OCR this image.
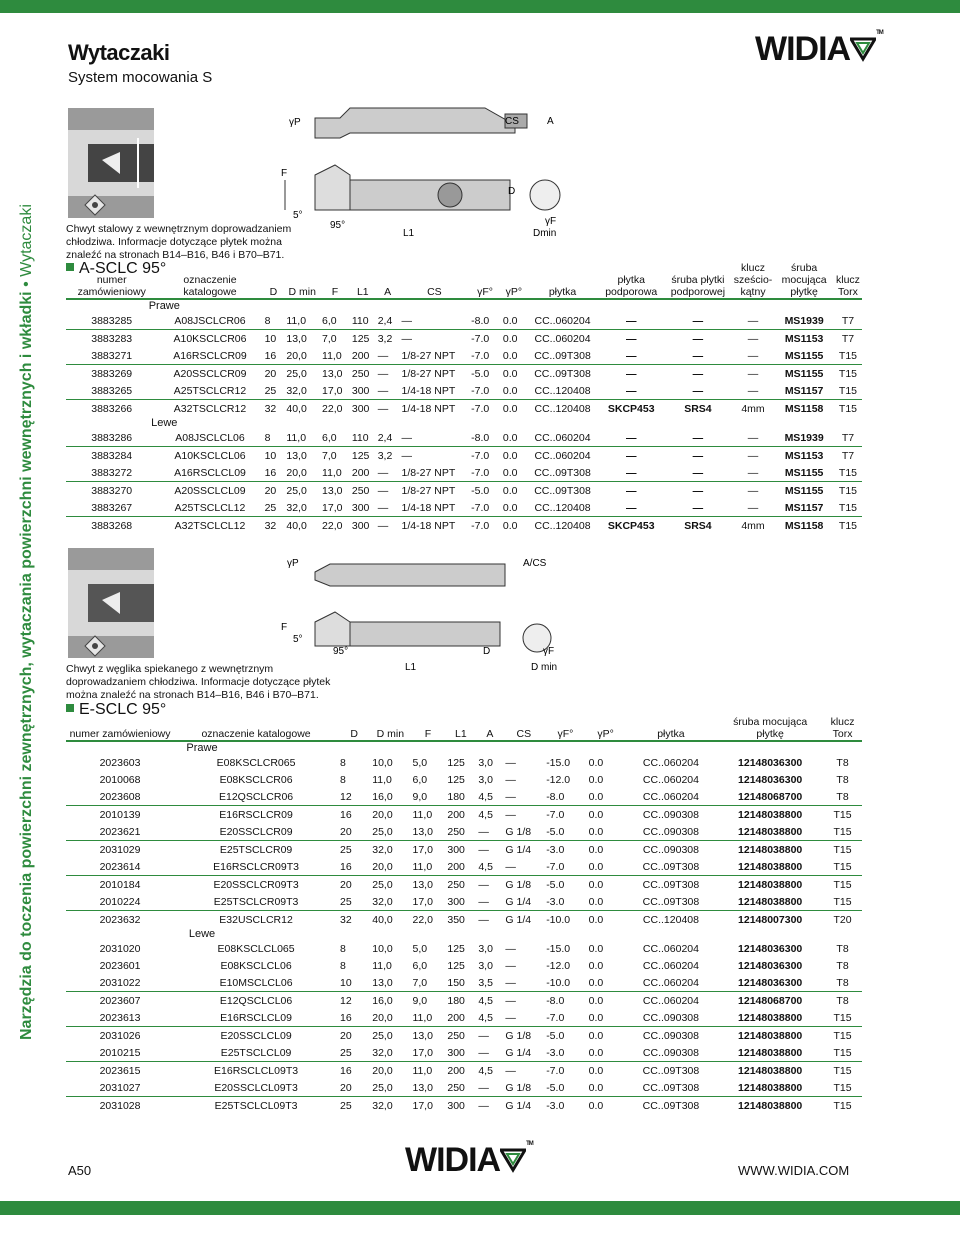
Wytaczaki
System mocowania S
WIDIA	™
Narzędzia do toczenia powierzchni zewnętrznych, wytaczania powierzchni wewnętrznych i wkładki • Wytaczaki
F
5°
95°
L1
D
γF
Dmin
γP	CS	A
Chwyt stalowy z wewnętrznym doprowadzaniem
chłodziwa. Informacje dotyczące płytek można
znaleźć na stronach B14–B16, B46 i B70–B71.
A-SCLC 95°
numer zamówieniowy	oznaczenie katalogowe	D	D min	F	L1	A	CS	γF°	γP°	płytka	płytka podporowa	śruba płytki podporowej	klucz sześcio- kątny	śruba mocująca płytkę	klucz Torx
Prawe															
3883285	A08JSCLCR06	8	11,0	6,0	110	2,4	—	-8.0	0.0	CC..060204	—	—	—	MS1939	T7
3883283	A10KSCLCR06	10	13,0	7,0	125	3,2	—	-7.0	0.0	CC..060204	—	—	—	MS1153	T7
3883271	A16RSCLCR09	16	20,0	11,0	200	—	1/8-27 NPT	-7.0	0.0	CC..09T308	—	—	—	MS1155	T15
3883269	A20SSCLCR09	20	25,0	13,0	250	—	1/8-27 NPT	-5.0	0.0	CC..09T308	—	—	—	MS1155	T15
3883265	A25TSCLCR12	25	32,0	17,0	300	—	1/4-18 NPT	-7.0	0.0	CC..120408	—	—	—	MS1157	T15
3883266	A32TSCLCR12	32	40,0	22,0	300	—	1/4-18 NPT	-7.0	0.0	CC..120408	SKCP453	SRS4	4mm	MS1158	T15
Lewe															
3883286	A08JSCLCL06	8	11,0	6,0	110	2,4	—	-8.0	0.0	CC..060204	—	—	—	MS1939	T7
3883284	A10KSCLCL06	10	13,0	7,0	125	3,2	—	-7.0	0.0	CC..060204	—	—	—	MS1153	T7
3883272	A16RSCLCL09	16	20,0	11,0	200	—	1/8-27 NPT	-7.0	0.0	CC..09T308	—	—	—	MS1155	T15
3883270	A20SSCLCL09	20	25,0	13,0	250	—	1/8-27 NPT	-5.0	0.0	CC..09T308	—	—	—	MS1155	T15
3883267	A25TSCLCL12	25	32,0	17,0	300	—	1/4-18 NPT	-7.0	0.0	CC..120408	—	—	—	MS1157	T15
3883268	A32TSCLCL12	32	40,0	22,0	300	—	1/4-18 NPT	-7.0	0.0	CC..120408	SKCP453	SRS4	4mm	MS1158	T15
γP	A/CS
F
5°
95°
L1
D	γF
D min
Chwyt z węglika spiekanego z wewnętrznym
doprowadzaniem chłodziwa. Informacje dotyczące płytek
można znaleźć na stronach B14–B16, B46 i B70–B71.
E-SCLC 95°
numer zamówieniowy	oznaczenie katalogowe	D	D min	F	L1	A	CS	γF°	γP°	płytka	śruba mocująca płytkę	klucz Torx
Prawe												
2023603	E08KSCLCR065	8	10,0	5,0	125	3,0	—	-15.0	0.0	CC..060204	12148036300	T8
2010068	E08KSCLCR06	8	11,0	6,0	125	3,0	—	-12.0	0.0	CC..060204	12148036300	T8
2023608	E12QSCLCR06	12	16,0	9,0	180	4,5	—	-8.0	0.0	CC..060204	12148068700	T8
2010139	E16RSCLCR09	16	20,0	11,0	200	4,5	—	-7.0	0.0	CC..090308	12148038800	T15
2023621	E20SSCLCR09	20	25,0	13,0	250	—	G 1/8	-5.0	0.0	CC..090308	12148038800	T15
2031029	E25TSCLCR09	25	32,0	17,0	300	—	G 1/4	-3.0	0.0	CC..090308	12148038800	T15
2023614	E16RSCLCR09T3	16	20,0	11,0	200	4,5	—	-7.0	0.0	CC..09T308	12148038800	T15
2010184	E20SSCLCR09T3	20	25,0	13,0	250	—	G 1/8	-5.0	0.0	CC..09T308	12148038800	T15
2010224	E25TSCLCR09T3	25	32,0	17,0	300	—	G 1/4	-3.0	0.0	CC..09T308	12148038800	T15
2023632	E32USCLCR12	32	40,0	22,0	350	—	G 1/4	-10.0	0.0	CC..120408	12148007300	T20
Lewe												
2031020	E08KSCLCL065	8	10,0	5,0	125	3,0	—	-15.0	0.0	CC..060204	12148036300	T8
2023601	E08KSCLCL06	8	11,0	6,0	125	3,0	—	-12.0	0.0	CC..060204	12148036300	T8
2031022	E10MSCLCL06	10	13,0	7,0	150	3,5	—	-10.0	0.0	CC..060204	12148036300	T8
2023607	E12QSCLCL06	12	16,0	9,0	180	4,5	—	-8.0	0.0	CC..060204	12148068700	T8
2023613	E16RSCLCL09	16	20,0	11,0	200	4,5	—	-7.0	0.0	CC..090308	12148038800	T15
2031026	E20SSCLCL09	20	25,0	13,0	250	—	G 1/8	-5.0	0.0	CC..090308	12148038800	T15
2010215	E25TSCLCL09	25	32,0	17,0	300	—	G 1/4	-3.0	0.0	CC..090308	12148038800	T15
2023615	E16RSCLCL09T3	16	20,0	11,0	200	4,5	—	-7.0	0.0	CC..09T308	12148038800	T15
2031027	E20SSCLCL09T3	20	25,0	13,0	250	—	G 1/8	-5.0	0.0	CC..09T308	12148038800	T15
2031028	E25TSCLCL09T3	25	32,0	17,0	300	—	G 1/4	-3.0	0.0	CC..09T308	12148038800	T15
A50	WIDIA	™
WWW.WIDIA.COM
